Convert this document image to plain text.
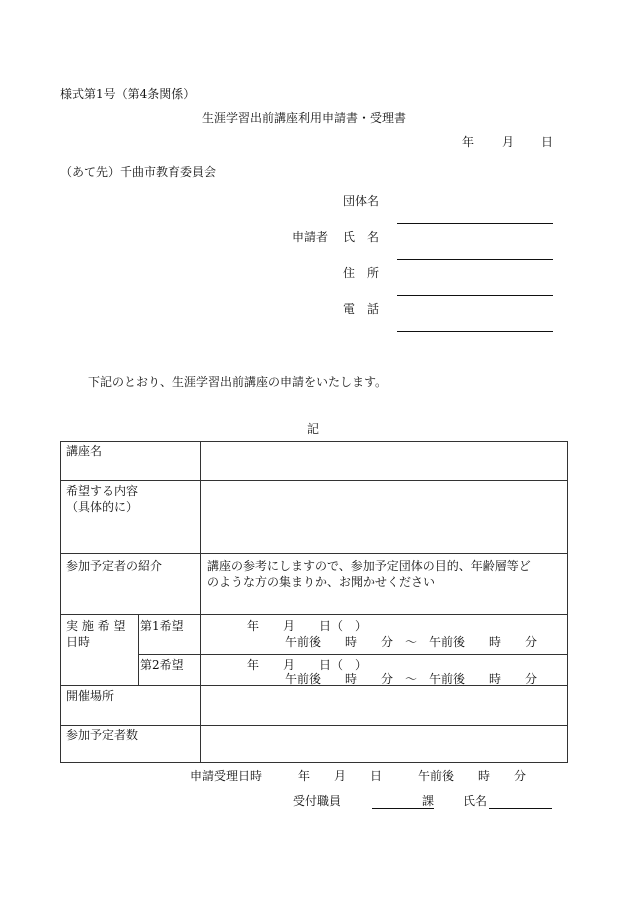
様式第1号（第4条関係）
生涯学習出前講座利用申請書・受理書
年 月 日
（あて先）千曲市教育委員会
団体名
申請者 氏　名
住　所
電　話
下記のとおり、生涯学習出前講座の申請をいたします。
記
講座名
希望する内容
（具体的に）
参加予定者の紹介	講座の参考にしますので、参加予定団体の目的、年齢層等ど
のような方の集まりか、お聞かせください
実 施 希 望
日時
第1希望	年　　月　　日（　）
午前後　　時　　分　～　午前後　　時　　分
第2希望	年　　月　　日（　）
午前後　　時　　分　～　午前後　　時　　分
開催場所
参加予定者数
申請受理日時　　　年　　月　　日　　　午前後　　時　　分
受付職員	課 氏名
